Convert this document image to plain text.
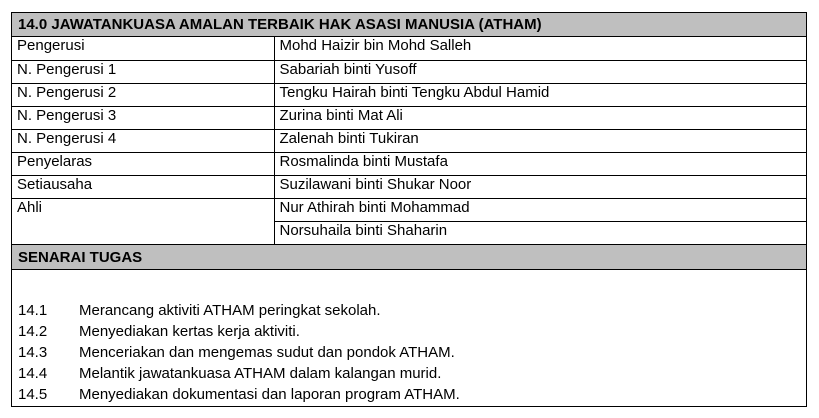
14.0 JAWATANKUASA AMALAN TERBAIK HAK ASASI MANUSIA (ATHAM)
Pengerusi	Mohd Haizir bin Mohd Salleh
N. Pengerusi 1	Sabariah binti Yusoff
N. Pengerusi 2	Tengku Hairah binti Tengku Abdul Hamid
N. Pengerusi 3	Zurina binti Mat Ali
N. Pengerusi 4	Zalenah binti Tukiran
Penyelaras	Rosmalinda binti Mustafa
Setiausaha	Suzilawani binti Shukar Noor
Ahli	Nur Athirah binti Mohammad
	Norsuhaila binti Shaharin
SENARAI TUGAS
14.1	Merancang aktiviti ATHAM peringkat sekolah.
14.2	Menyediakan kertas kerja aktiviti.
14.3	Menceriakan dan mengemas sudut dan pondok ATHAM.
14.4	Melantik jawatankuasa ATHAM dalam kalangan murid.
14.5	Menyediakan dokumentasi dan laporan program ATHAM.
